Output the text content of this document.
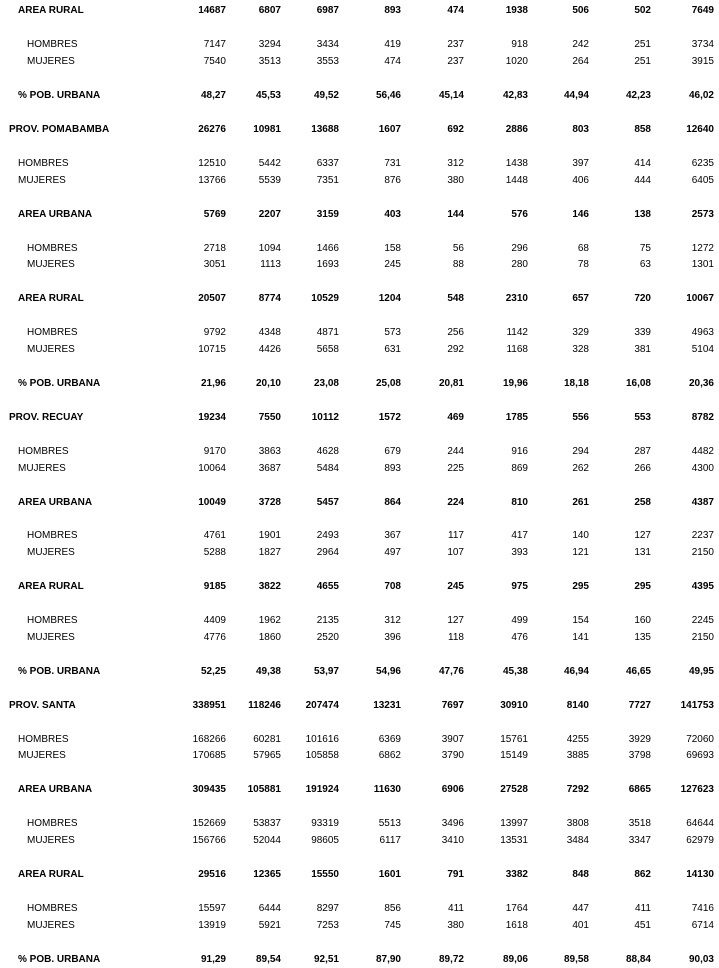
AREA RURAL	14687	6807	6987	893	474	1938	506	502	7649
HOMBRES	7147	3294	3434	419	237	918	242	251	3734
MUJERES	7540	3513	3553	474	237	1020	264	251	3915
% POB. URBANA	48,27	45,53	49,52	56,46	45,14	42,83	44,94	42,23	46,02
PROV. POMABAMBA	26276	10981	13688	1607	692	2886	803	858	12640
HOMBRES	12510	5442	6337	731	312	1438	397	414	6235
MUJERES	13766	5539	7351	876	380	1448	406	444	6405
AREA URBANA	5769	2207	3159	403	144	576	146	138	2573
HOMBRES	2718	1094	1466	158	56	296	68	75	1272
MUJERES	3051	1113	1693	245	88	280	78	63	1301
AREA RURAL	20507	8774	10529	1204	548	2310	657	720	10067
HOMBRES	9792	4348	4871	573	256	1142	329	339	4963
MUJERES	10715	4426	5658	631	292	1168	328	381	5104
% POB. URBANA	21,96	20,10	23,08	25,08	20,81	19,96	18,18	16,08	20,36
PROV. RECUAY	19234	7550	10112	1572	469	1785	556	553	8782
HOMBRES	9170	3863	4628	679	244	916	294	287	4482
MUJERES	10064	3687	5484	893	225	869	262	266	4300
AREA URBANA	10049	3728	5457	864	224	810	261	258	4387
HOMBRES	4761	1901	2493	367	117	417	140	127	2237
MUJERES	5288	1827	2964	497	107	393	121	131	2150
AREA RURAL	9185	3822	4655	708	245	975	295	295	4395
HOMBRES	4409	1962	2135	312	127	499	154	160	2245
MUJERES	4776	1860	2520	396	118	476	141	135	2150
% POB. URBANA	52,25	49,38	53,97	54,96	47,76	45,38	46,94	46,65	49,95
PROV. SANTA	338951	118246	207474	13231	7697	30910	8140	7727	141753
HOMBRES	168266	60281	101616	6369	3907	15761	4255	3929	72060
MUJERES	170685	57965	105858	6862	3790	15149	3885	3798	69693
AREA URBANA	309435	105881	191924	11630	6906	27528	7292	6865	127623
HOMBRES	152669	53837	93319	5513	3496	13997	3808	3518	64644
MUJERES	156766	52044	98605	6117	3410	13531	3484	3347	62979
AREA RURAL	29516	12365	15550	1601	791	3382	848	862	14130
HOMBRES	15597	6444	8297	856	411	1764	447	411	7416
MUJERES	13919	5921	7253	745	380	1618	401	451	6714
% POB. URBANA	91,29	89,54	92,51	87,90	89,72	89,06	89,58	88,84	90,03
